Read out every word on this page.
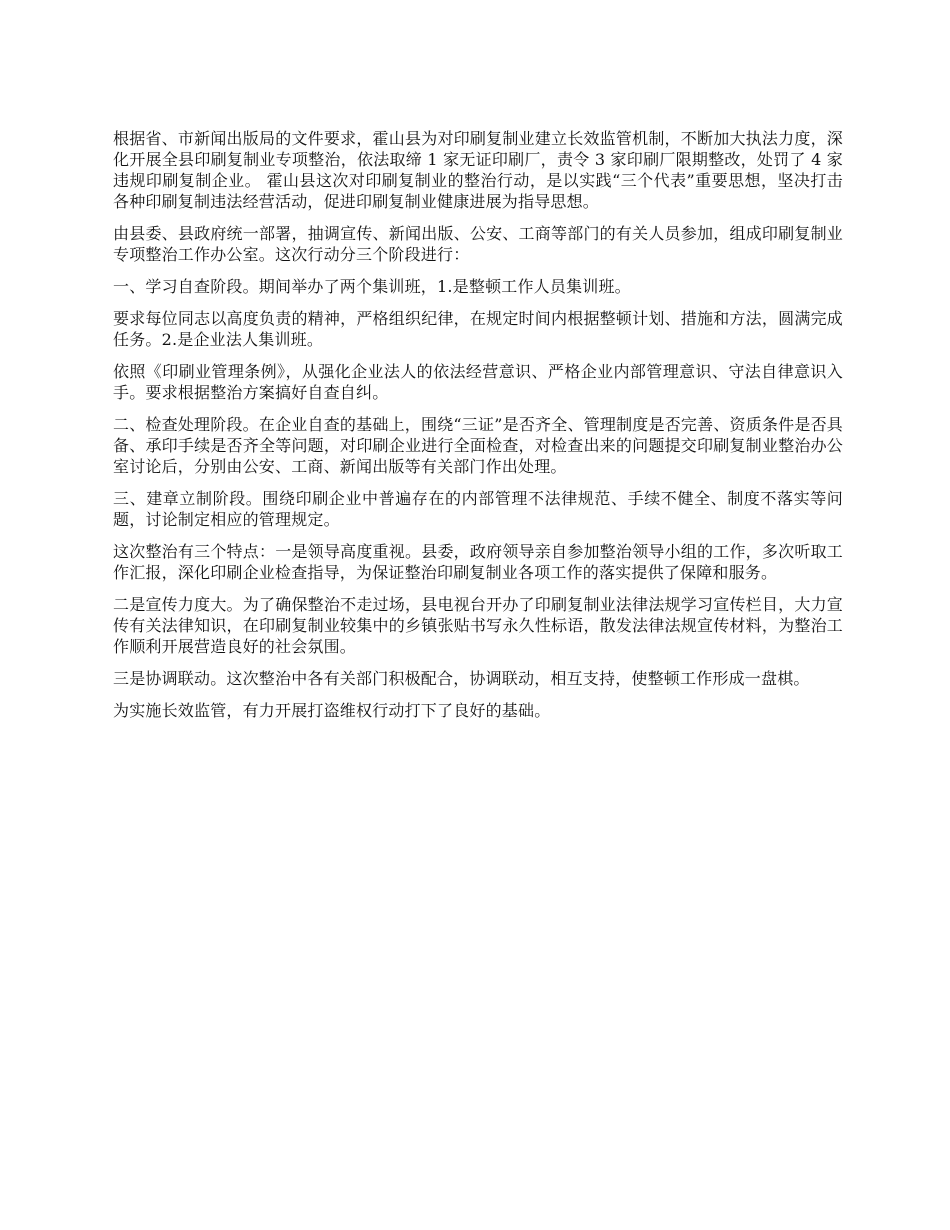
根据省、市新闻出版局的文件要求，霍山县为对印刷复制业建立长效监管机制，不断加大执法力度，深化开展全县印刷复制业专项整治，依法取缔 1 家无证印刷厂，责令 3 家印刷厂限期整改，处罚了 4 家违规印刷复制企业。 霍山县这次对印刷复制业的整治行动，是以实践“三个代表”重要思想，坚决打击各种印刷复制违法经营活动，促进印刷复制业健康进展为指导思想。

由县委、县政府统一部署，抽调宣传、新闻出版、公安、工商等部门的有关人员参加，组成印刷复制业专项整治工作办公室。这次行动分三个阶段进行：

一、学习自查阶段。期间举办了两个集训班，1.是整顿工作人员集训班。

要求每位同志以高度负责的精神，严格组织纪律，在规定时间内根据整顿计划、措施和方法，圆满完成任务。2.是企业法人集训班。

依照《印刷业管理条例》，从强化企业法人的依法经营意识、严格企业内部管理意识、守法自律意识入手。要求根据整治方案搞好自查自纠。

二、检查处理阶段。在企业自查的基础上，围绕“三证”是否齐全、管理制度是否完善、资质条件是否具备、承印手续是否齐全等问题，对印刷企业进行全面检查，对检查出来的问题提交印刷复制业整治办公室讨论后，分别由公安、工商、新闻出版等有关部门作出处理。

三、建章立制阶段。围绕印刷企业中普遍存在的内部管理不法律规范、手续不健全、制度不落实等问题，讨论制定相应的管理规定。

这次整治有三个特点：一是领导高度重视。县委，政府领导亲自参加整治领导小组的工作，多次听取工作汇报，深化印刷企业检查指导，为保证整治印刷复制业各项工作的落实提供了保障和服务。

二是宣传力度大。为了确保整治不走过场，县电视台开办了印刷复制业法律法规学习宣传栏目，大力宣传有关法律知识，在印刷复制业较集中的乡镇张贴书写永久性标语，散发法律法规宣传材料，为整治工作顺利开展营造良好的社会氛围。

三是协调联动。这次整治中各有关部门积极配合，协调联动，相互支持，使整顿工作形成一盘棋。

为实施长效监管，有力开展打盗维权行动打下了良好的基础。
